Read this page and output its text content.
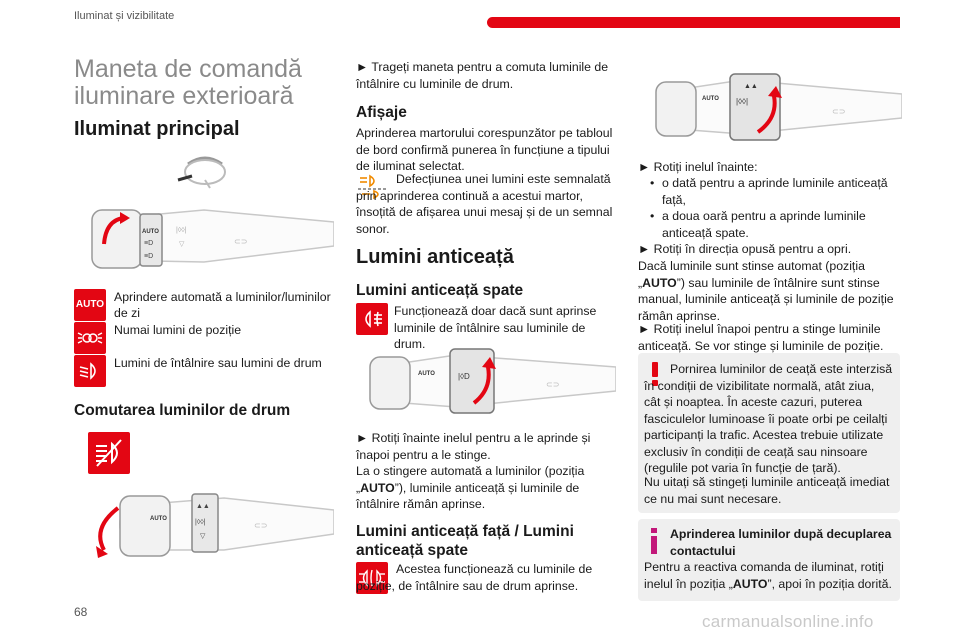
Iluminat și vizibilitate
Maneta de comandă iluminare exterioară
Iluminat principal
AUTO
≡D
≡D
|◊◊|
▽	⊂⊃
AUTO
Aprindere automată a luminilor/luminilor de zi
Numai lumini de poziție
Lumini de întâlnire sau lumini de drum
Comutarea luminilor de drum
AUTO
▲▲
|◊◊|
▽
⊂⊃
► Trageți maneta pentru a comuta luminile de întâlnire cu luminile de drum.
Afișaje
Aprinderea martorului corespunzător pe tabloul de bord confirmă punerea în funcțiune a tipului de iluminat selectat.
Defecțiunea unei lumini este semnalată prin aprinderea continuă a acestui martor, însoțită de afișarea unui mesaj și de un semnal sonor.
Lumini anticeață
Lumini anticeață spate
Funcționează doar dacă sunt aprinse luminile de întâlnire sau luminile de drum.
AUTO	|◊D
⊂⊃
► Rotiți înainte inelul pentru a le aprinde și înapoi pentru a le stinge.
La o stingere automată a luminilor (poziția „AUTO”), luminile anticeață și luminile de întâlnire rămân aprinse.
Lumini anticeață față / Lumini anticeață spate
Acestea funcționează cu luminile de poziție, de întâlnire sau de drum aprinse.
AUTO
▲▲
|◊◊|
⊂⊃
► Rotiți inelul înainte:
• o dată pentru a aprinde luminile anticeață față,
• a doua oară pentru a aprinde luminile anticeață spate.
► Rotiți în direcția opusă pentru a opri.
Dacă luminile sunt stinse automat (poziția „AUTO”) sau luminile de întâlnire sunt stinse manual, luminile anticeață și luminile de poziție rămân aprinse.
► Rotiți inelul înapoi pentru a stinge luminile anticeață. Se vor stinge și luminile de poziție.
Pornirea luminilor de ceață este interzisă în condiții de vizibilitate normală, atât ziua, cât și noaptea. În aceste cazuri, puterea fasciculelor luminoase îi poate orbi pe ceilalți participanți la trafic. Acestea trebuie utilizate exclusiv în condiții de ceață sau ninsoare (regulile pot varia în funcție de țară).
Nu uitați să stingeți luminile anticeață imediat ce nu mai sunt necesare.
Aprinderea luminilor după decuplarea contactului
Pentru a reactiva comanda de iluminat, rotiți inelul în poziția „AUTO”, apoi în poziția dorită.
68	carmanualsonline.info
